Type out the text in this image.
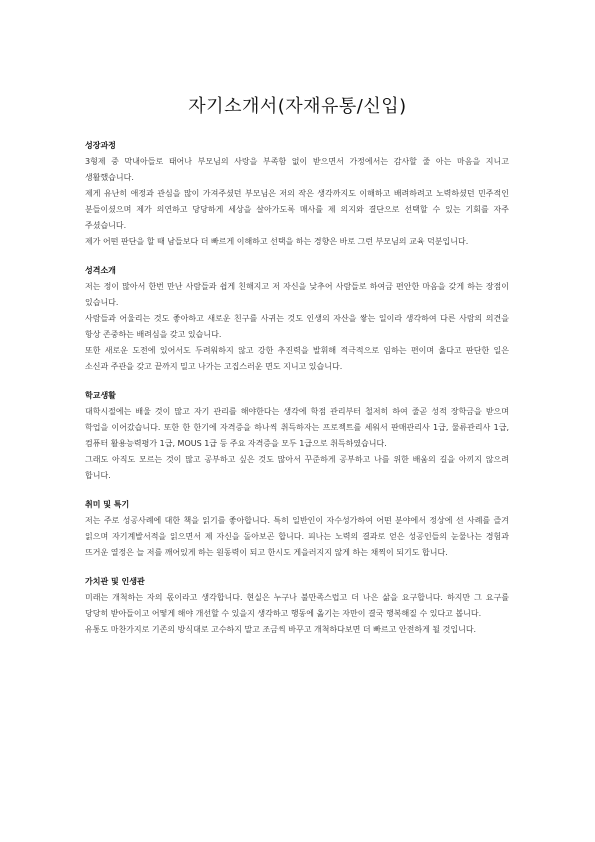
자기소개서(자재유통/신입)
성장과정

3형제 중 막내아들로 태어나 부모님의 사랑을 부족함 없이 받으면서 가정에서는 감사할 줄 아는 마음을 지니고 생활했습니다.

제게 유난히 애정과 관심을 많이 가져주셨던 부모님은 저의 작은 생각까지도 이해하고 배려하려고 노력하셨던 민주적인 분들이셨으며 제가 의연하고 당당하게 세상을 살아가도록 매사를 제 의지와 결단으로 선택할 수 있는 기회를 자주 주셨습니다.

제가 어떤 판단을 할 때 남들보다 더 빠르게 이해하고 선택을 하는 경향은 바로 그런 부모님의 교육 덕분입니다.

성격소개

저는 정이 많아서 한번 만난 사람들과 쉽게 친해지고 저 자신을 낮추어 사람들로 하여금 편안한 마음을 갖게 하는 장점이 있습니다.

사람들과 어울리는 것도 좋아하고 새로운 친구를 사귀는 것도 인생의 자산을 쌓는 일이라 생각하여 다른 사람의 의견을 항상 존중하는 배려심을 갖고 있습니다.

또한 새로운 도전에 있어서도 두려워하지 않고 강한 추진력을 발휘해 적극적으로 임하는 편이며 옳다고 판단한 일은 소신과 주관을 갖고 끝까지 밀고 나가는 고집스러운 면도 지니고 있습니다.

학교생활

대학시절에는 배울 것이 많고 자기 관리를 해야한다는 생각에 학점 관리부터 철저히 하여 줄곧 성적 장학금을 받으며 학업을 이어갔습니다. 또한 한 한기에 자격증을 하나씩 취득하자는 프로젝트를 세워서 판매관리사 1급, 물류관리사 1급, 컴퓨터 활용능력평가 1급, MOUS 1급 등 주요 자격증을 모두 1급으로 취득하였습니다.

그래도 아직도 모르는 것이 많고 공부하고 싶은 것도 많아서 꾸준하게 공부하고 나를 위한 배움의 길을 아끼지 않으려 합니다.

취미 및 특기

저는 주로 성공사례에 대한 책을 읽기를 좋아합니다. 특히 일반인이 자수성가하여 어떤 분야에서 정상에 선 사례를 즐겨 읽으며 자기계발서적을 읽으면서 제 자신을 돌아보곤 합니다. 피나는 노력의 결과로 얻은 성공인들의 눈물나는 경험과 뜨거운 열정은 늘 저를 깨어있게 하는 원동력이 되고 한시도 게을러지지 않게 하는 채찍이 되기도 합니다.

가치관 및 인생관

미래는 개척하는 자의 몫이라고 생각합니다. 현실은 누구나 불만족스럽고 더 나은 삶을 요구합니다. 하지만 그 요구를 당당히 받아들이고 어떻게 해야 개선할 수 있을지 생각하고 행동에 옮기는 자만이 결국 행복해질 수 있다고 봅니다.

유통도 마찬가지로 기존의 방식대로 고수하지 말고 조금씩 바꾸고 개척하다보면 더 빠르고 안전하게 될 것입니다.
